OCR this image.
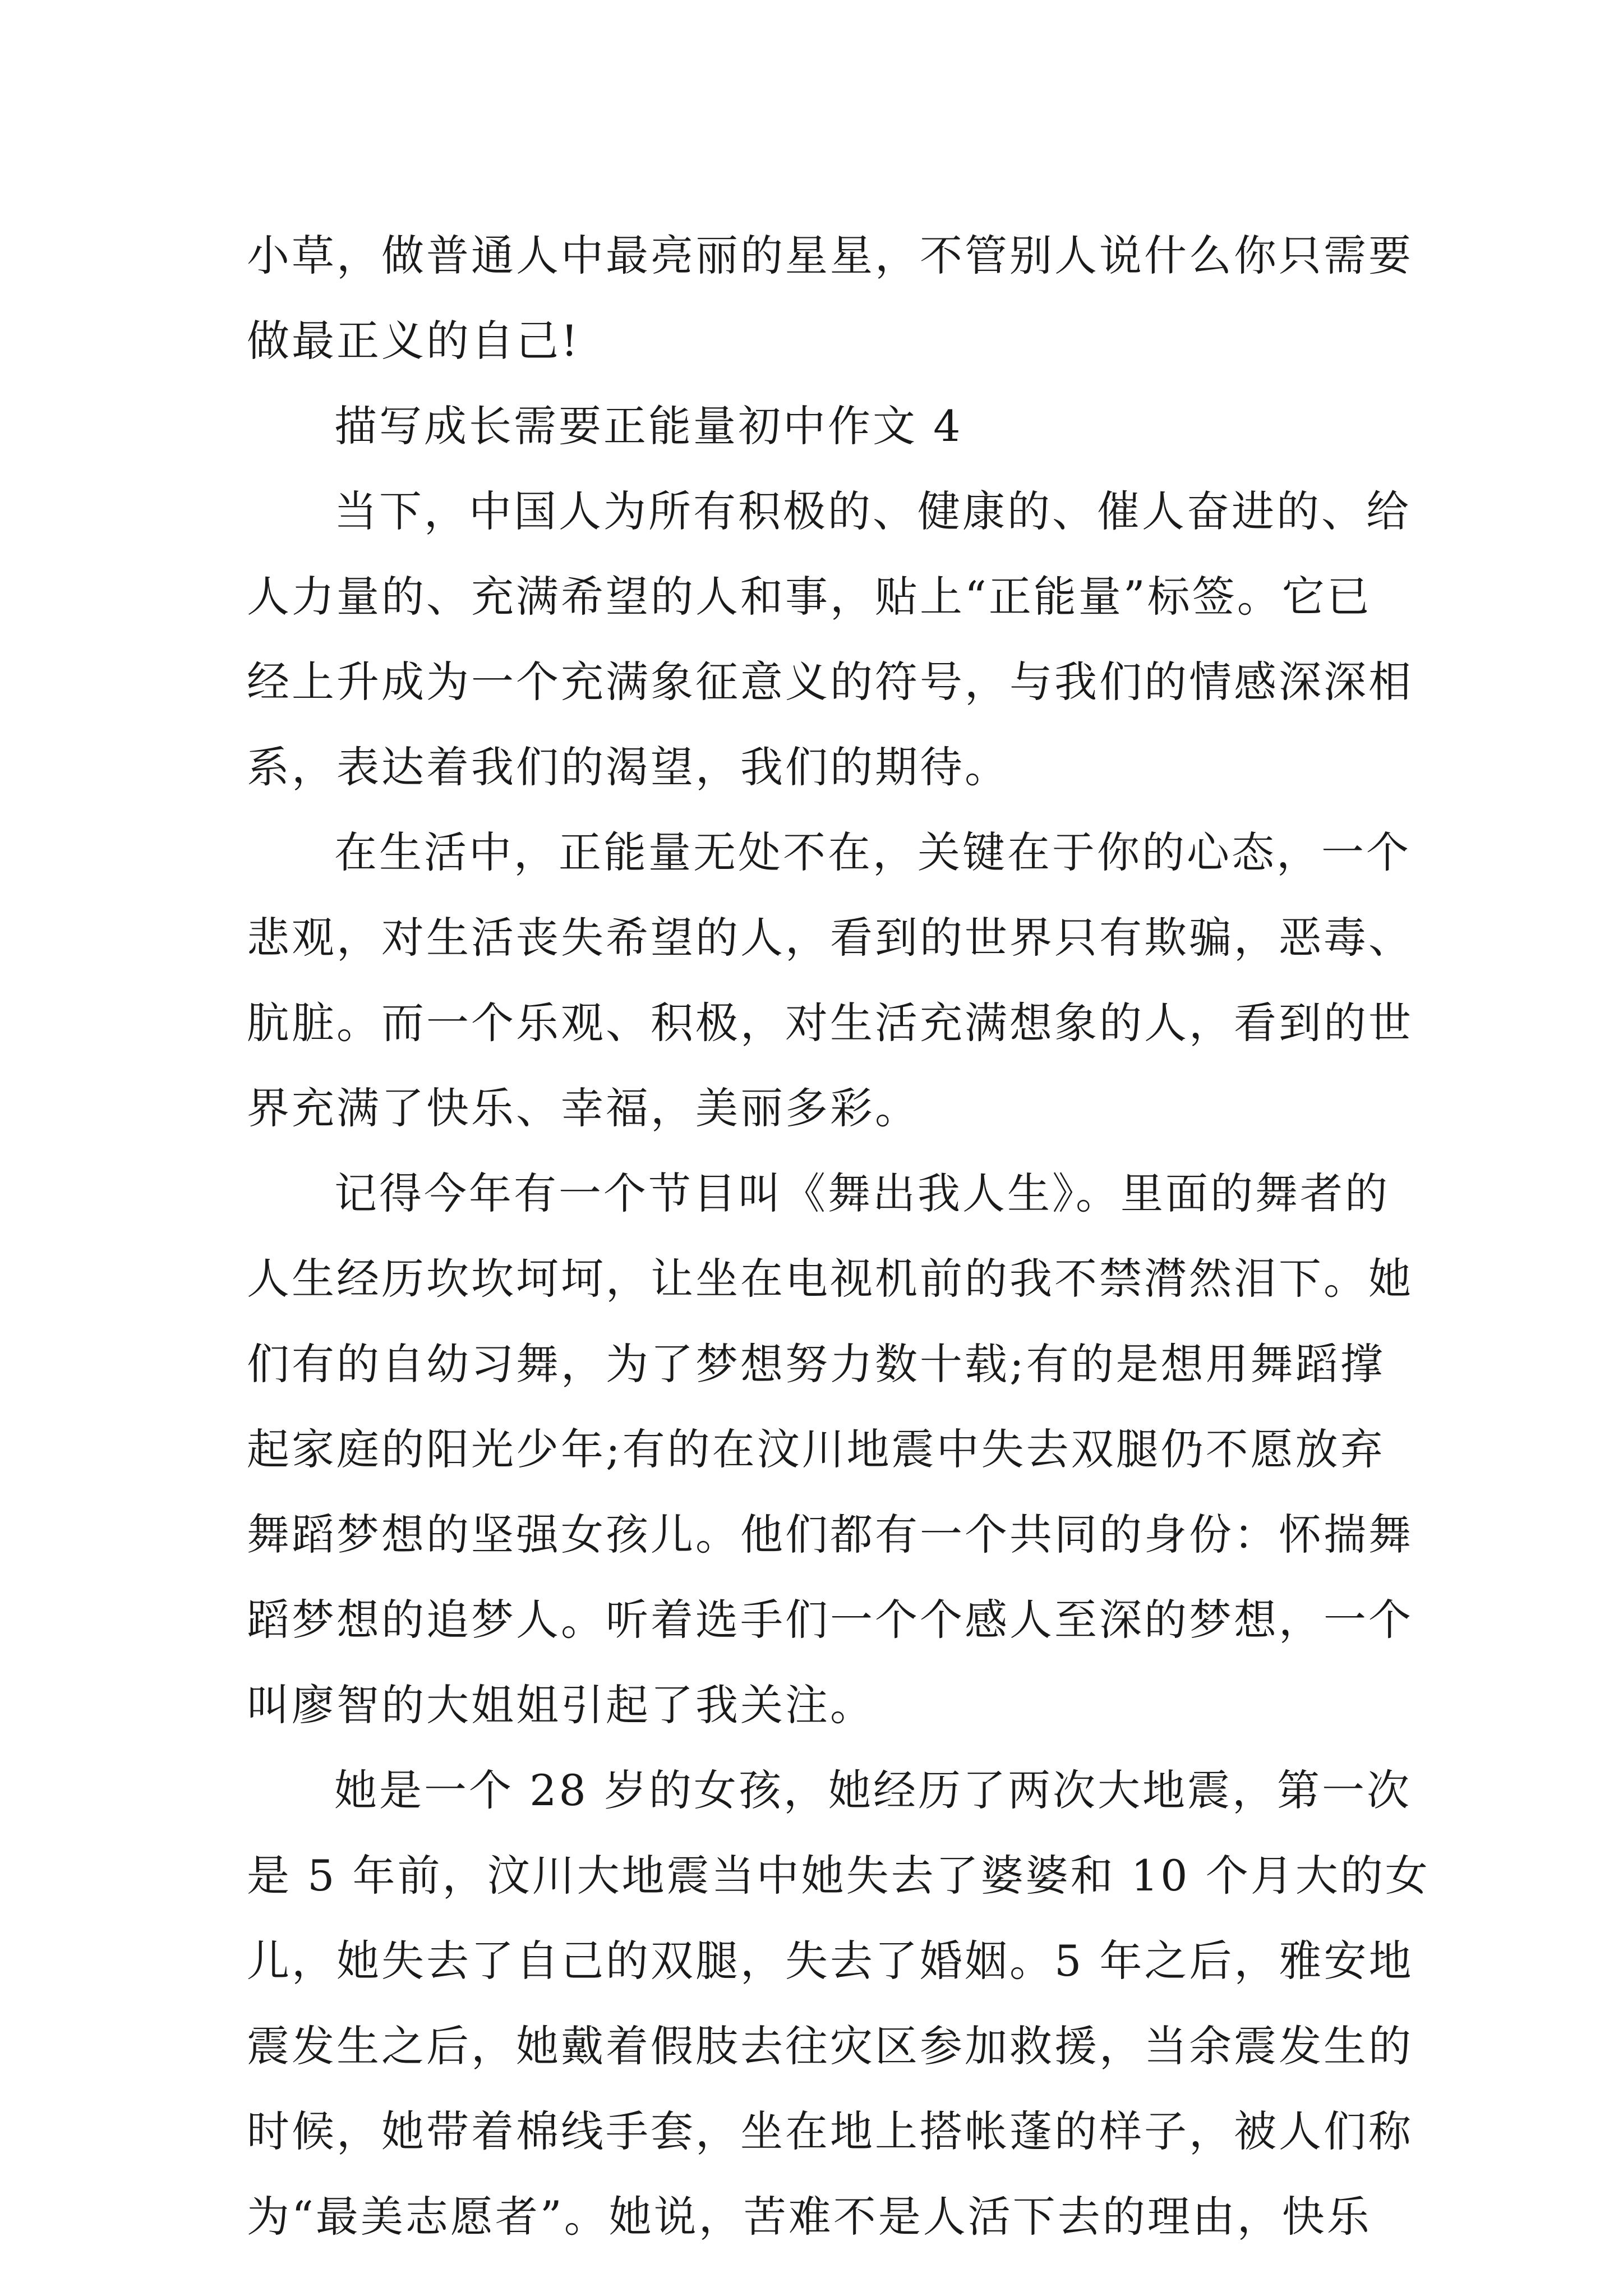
小草，做普通人中最亮丽的星星，不管别人说什么你只需要
做最正义的自己!
描写成长需要正能量初中作文 4
当下，中国人为所有积极的、健康的、催人奋进的、给
人力量的、充满希望的人和事，贴上“正能量”标签。它已
经上升成为一个充满象征意义的符号，与我们的情感深深相
系，表达着我们的渴望，我们的期待。
在生活中，正能量无处不在，关键在于你的心态，一个
悲观，对生活丧失希望的人，看到的世界只有欺骗，恶毒、
肮脏。而一个乐观、积极，对生活充满想象的人，看到的世
界充满了快乐、幸福，美丽多彩。
记得今年有一个节目叫《舞出我人生》。里面的舞者的
人生经历坎坎坷坷，让坐在电视机前的我不禁潸然泪下。她
们有的自幼习舞，为了梦想努力数十载;有的是想用舞蹈撑
起家庭的阳光少年;有的在汶川地震中失去双腿仍不愿放弃
舞蹈梦想的坚强女孩儿。他们都有一个共同的身份：怀揣舞
蹈梦想的追梦人。听着选手们一个个感人至深的梦想，一个
叫廖智的大姐姐引起了我关注。
她是一个 28 岁的女孩，她经历了两次大地震，第一次
是 5 年前，汶川大地震当中她失去了婆婆和 10 个月大的女
儿，她失去了自己的双腿，失去了婚姻。5 年之后，雅安地
震发生之后，她戴着假肢去往灾区参加救援，当余震发生的
时候，她带着棉线手套，坐在地上搭帐蓬的样子，被人们称
为“最美志愿者”。她说，苦难不是人活下去的理由，快乐
